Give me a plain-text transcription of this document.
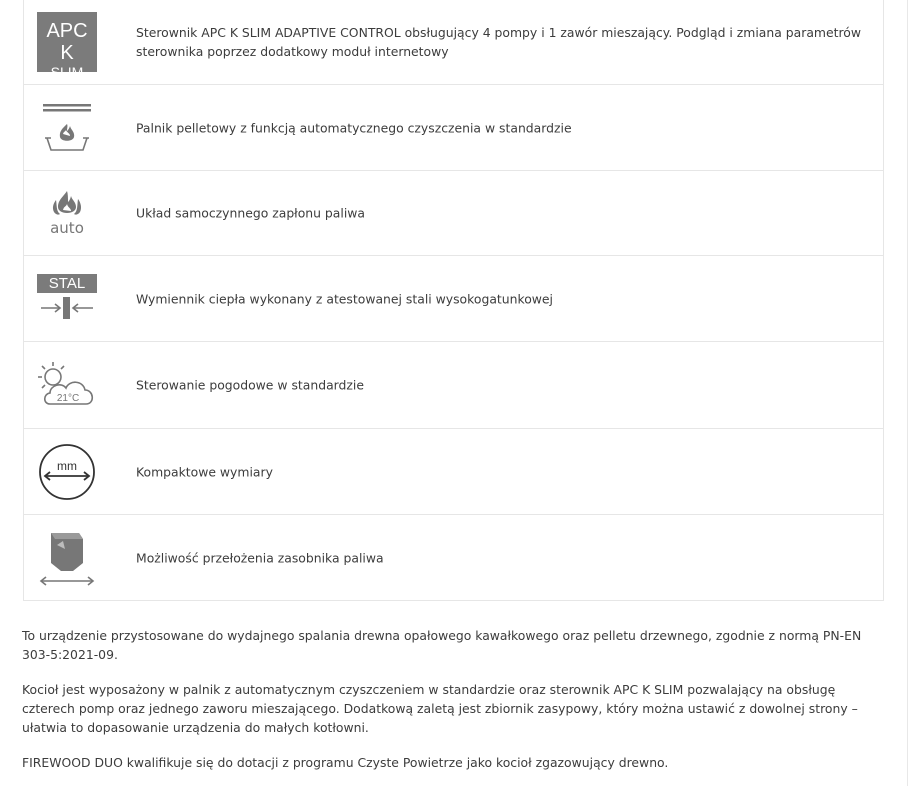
APC K
SLIM
Sterownik APC K SLIM ADAPTIVE CONTROL obsługujący 4 pompy i 1 zawór mieszający. Podgląd i zmiana parametrów sterownika poprzez dodatkowy moduł internetowy
Palnik pelletowy z funkcją automatycznego czyszczenia w standardzie
auto
Układ samoczynnego zapłonu paliwa
STAL
Wymiennik ciepła wykonany z atestowanej stali wysokogatunkowej
21°C
Sterowanie pogodowe w standardzie
mm	Kompaktowe wymiary
Możliwość przełożenia zasobnika paliwa

To urządzenie przystosowane do wydajnego spalania drewna opałowego kawałkowego oraz pelletu drzewnego, zgodnie z normą PN-EN 303-5:2021-09.

Kocioł jest wyposażony w palnik z automatycznym czyszczeniem w standardzie oraz sterownik APC K SLIM pozwalający na obsługę czterech pomp oraz jednego zaworu mieszającego. Dodatkową zaletą jest zbiornik zasypowy, który można ustawić z dowolnej strony – ułatwia to dopasowanie urządzenia do małych kotłowni.

FIREWOOD DUO kwalifikuje się do dotacji z programu Czyste Powietrze jako kocioł zgazowujący drewno.
